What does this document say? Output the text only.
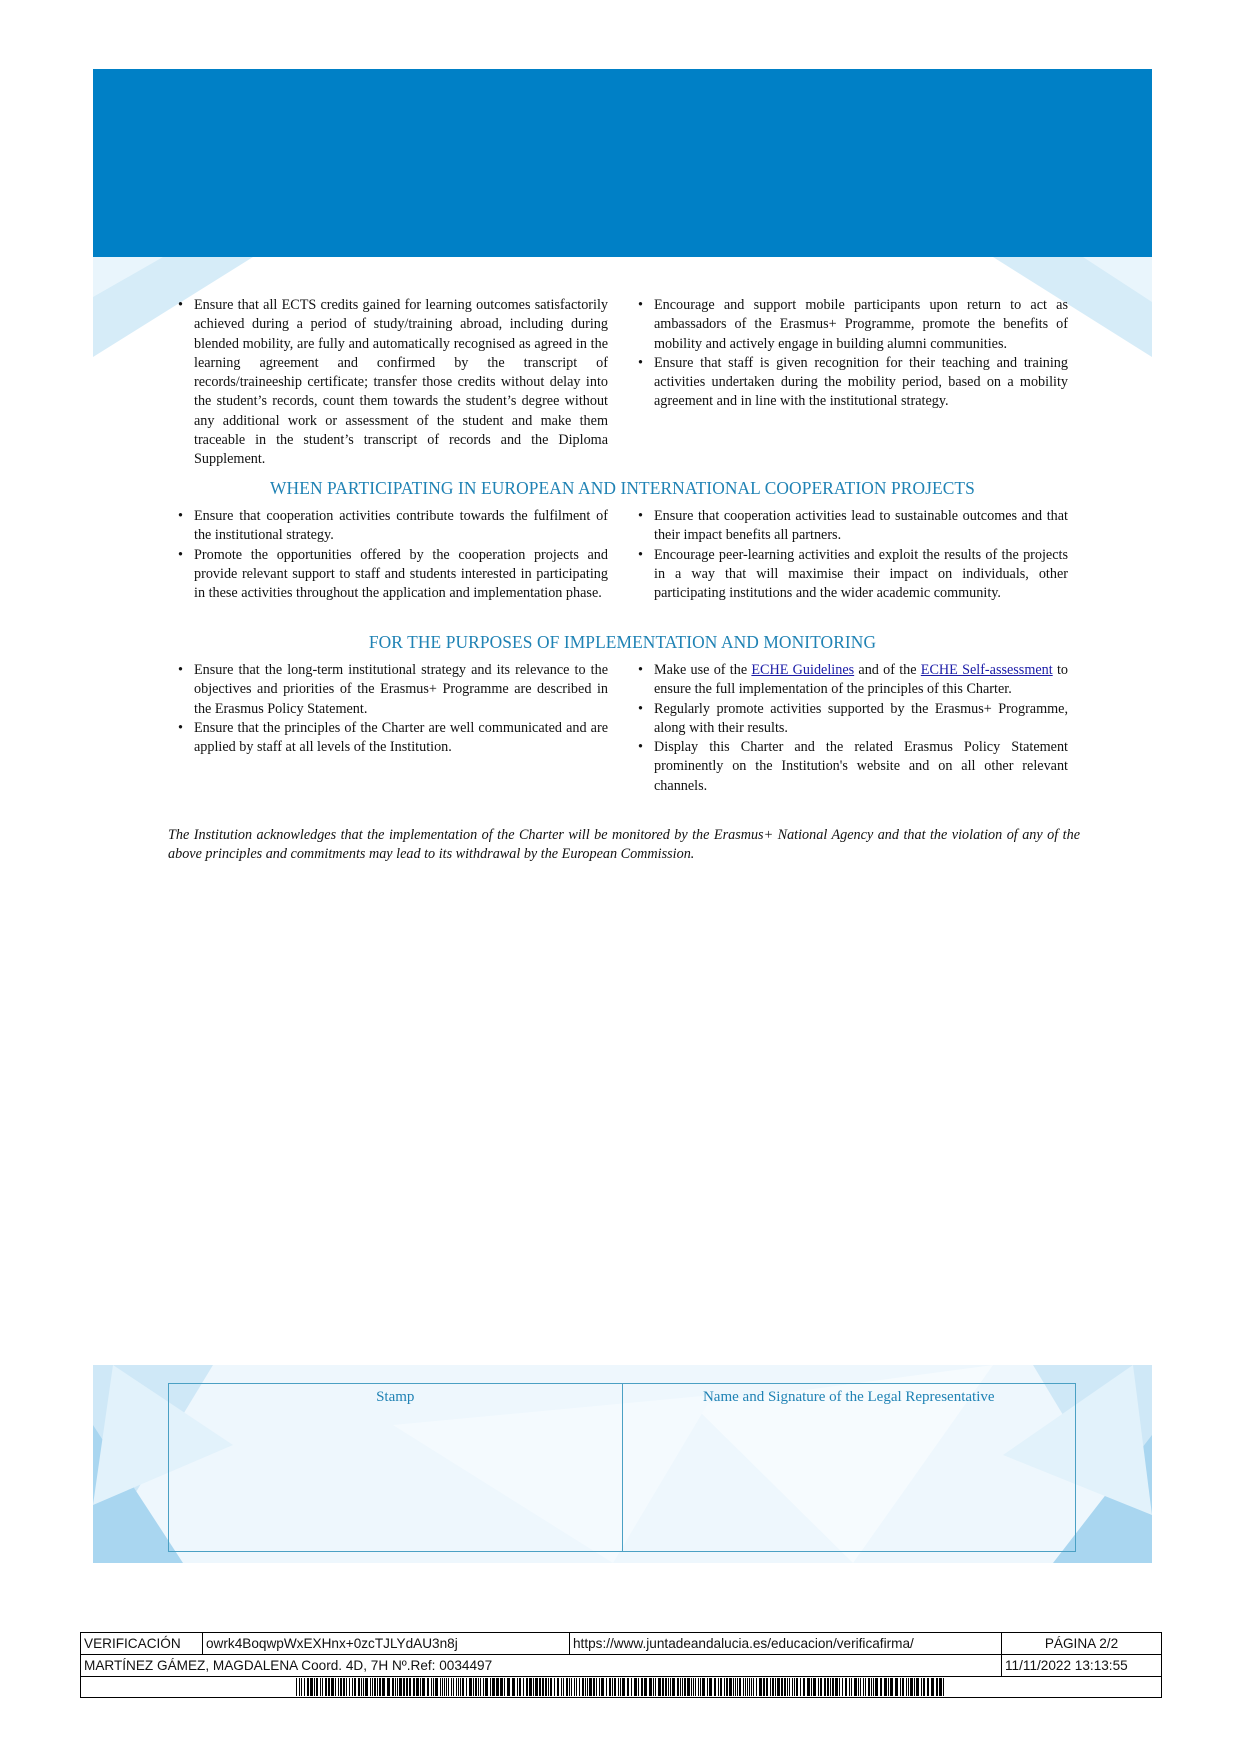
• Ensure that all ECTS credits gained for learning outcomes satisfactorily achieved during a period of study/training abroad, including during blended mobility, are fully and automatically recognised as agreed in the learning agreement and confirmed by the transcript of records/traineeship certificate; transfer those credits without delay into the student’s records, count them towards the student’s degree without any additional work or assessment of the student and make them traceable in the student’s transcript of records and the Diploma Supplement.
• Encourage and support mobile participants upon return to act as ambassadors of the Erasmus+ Programme, promote the benefits of mobility and actively engage in building alumni communities.
• Ensure that staff is given recognition for their teaching and training activities undertaken during the mobility period, based on a mobility agreement and in line with the institutional strategy.
WHEN PARTICIPATING IN EUROPEAN AND INTERNATIONAL COOPERATION PROJECTS
• Ensure that cooperation activities contribute towards the fulfilment of the institutional strategy.
• Promote the opportunities offered by the cooperation projects and provide relevant support to staff and students interested in participating in these activities throughout the application and implementation phase.
• Ensure that cooperation activities lead to sustainable outcomes and that their impact benefits all partners.
• Encourage peer-learning activities and exploit the results of the projects in a way that will maximise their impact on individuals, other participating institutions and the wider academic community.
FOR THE PURPOSES OF IMPLEMENTATION AND MONITORING
• Ensure that the long-term institutional strategy and its relevance to the objectives and priorities of the Erasmus+ Programme are described in the Erasmus Policy Statement.
• Ensure that the principles of the Charter are well communicated and are applied by staff at all levels of the Institution.
• Make use of the ECHE Guidelines and of the ECHE Self-assessment to ensure the full implementation of the principles of this Charter.
• Regularly promote activities supported by the Erasmus+ Programme, along with their results.
• Display this Charter and the related Erasmus Policy Statement prominently on the Institution's website and on all other relevant channels.
The Institution acknowledges that the implementation of the Charter will be monitored by the Erasmus+ National Agency and that the violation of any of the above principles and commitments may lead to its withdrawal by the European Commission.
Stamp	Name and Signature of the Legal Representative
VERIFICACIÓN	owrk4BoqwpWxEXHnx+0zcTJLYdAU3n8j	https://www.juntadeandalucia.es/educacion/verificafirma/	PÁGINA 2/2
MARTÍNEZ GÁMEZ, MAGDALENA Coord. 4D, 7H Nº.Ref: 0034497			11/11/2022 13:13:55
